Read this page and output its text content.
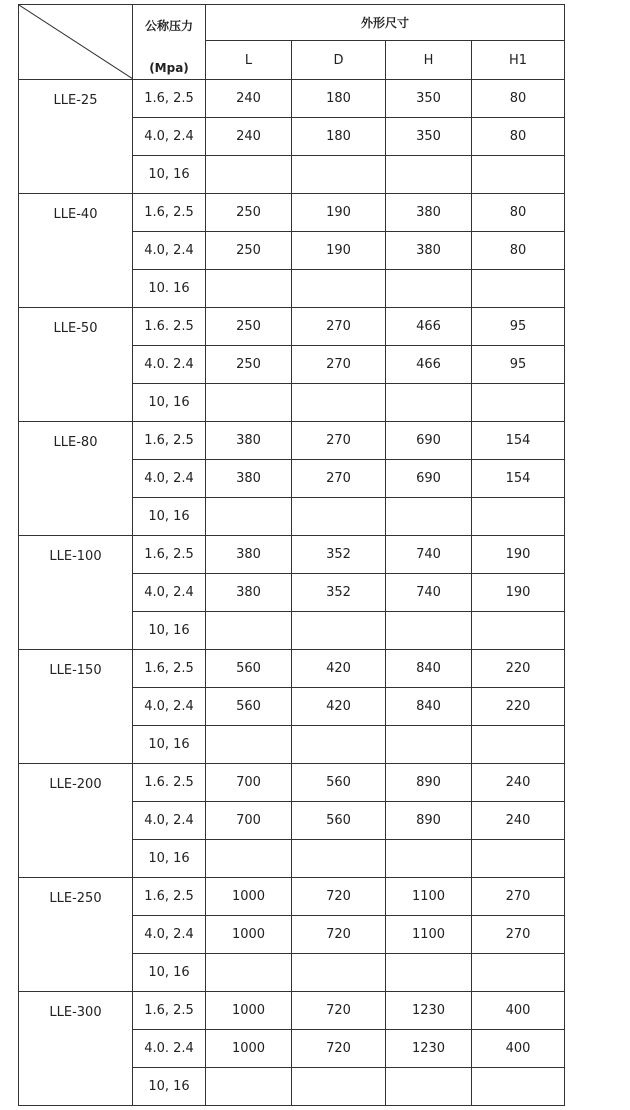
公称压力
(Mpa)	外形尺寸			
		L	D	H	H1
LLE-25	1.6, 2.5	240	180	350	80
	4.0, 2.4	240	180	350	80
	10, 16				
LLE-40	1.6, 2.5	250	190	380	80
	4.0, 2.4	250	190	380	80
	10. 16				
LLE-50	1.6. 2.5	250	270	466	95
	4.0. 2.4	250	270	466	95
	10, 16				
LLE-80	1.6, 2.5	380	270	690	154
	4.0, 2.4	380	270	690	154
	10, 16				
LLE-100	1.6, 2.5	380	352	740	190
	4.0, 2.4	380	352	740	190
	10, 16				
LLE-150	1.6, 2.5	560	420	840	220
	4.0, 2.4	560	420	840	220
	10, 16				
LLE-200	1.6. 2.5	700	560	890	240
	4.0, 2.4	700	560	890	240
	10, 16				
LLE-250	1.6, 2.5	1000	720	1100	270
	4.0, 2.4	1000	720	1100	270
	10, 16				
LLE-300	1.6, 2.5	1000	720	1230	400
	4.0. 2.4	1000	720	1230	400
	10, 16				
